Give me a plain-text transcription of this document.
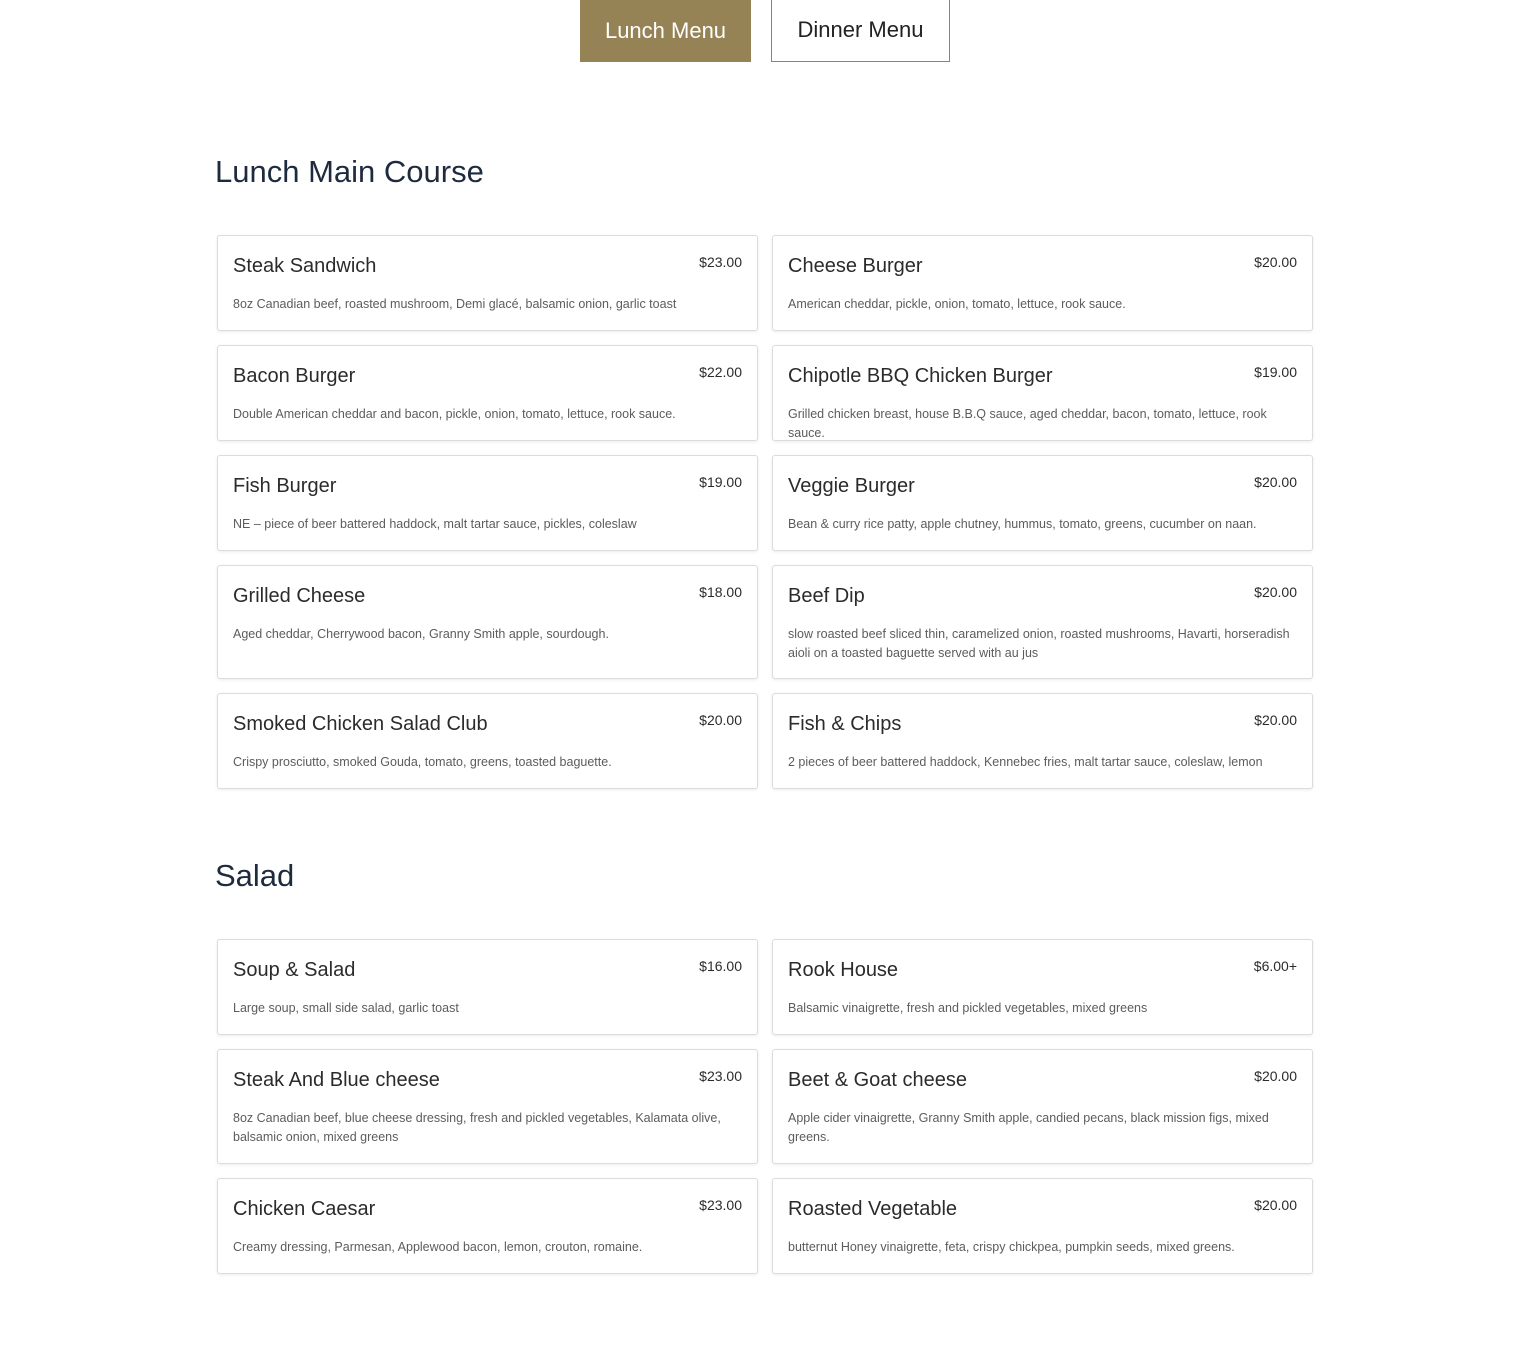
Lunch Menu	Dinner Menu
Lunch Main Course
Steak Sandwich	$23.00
8oz Canadian beef, roasted mushroom, Demi glacé, balsamic onion, garlic toast
Cheese Burger	$20.00
American cheddar, pickle, onion, tomato, lettuce, rook sauce.
Bacon Burger	$22.00
Double American cheddar and bacon, pickle, onion, tomato, lettuce, rook sauce.
Chipotle BBQ Chicken Burger	$19.00
Grilled chicken breast, house B.B.Q sauce, aged cheddar, bacon, tomato, lettuce, rook sauce.
Fish Burger	$19.00
NE – piece of beer battered haddock, malt tartar sauce, pickles, coleslaw
Veggie Burger	$20.00
Bean & curry rice patty, apple chutney, hummus, tomato, greens, cucumber on naan.
Grilled Cheese	$18.00
Aged cheddar, Cherrywood bacon, Granny Smith apple, sourdough.
Beef Dip	$20.00
slow roasted beef sliced thin, caramelized onion, roasted mushrooms, Havarti, horseradish aioli on a toasted baguette served with au jus
Smoked Chicken Salad Club	$20.00
Crispy prosciutto, smoked Gouda, tomato, greens, toasted baguette.
Fish & Chips	$20.00
2 pieces of beer battered haddock, Kennebec fries, malt tartar sauce, coleslaw, lemon
Salad
Soup & Salad	$16.00
Large soup, small side salad, garlic toast
Rook House	$6.00+
Balsamic vinaigrette, fresh and pickled vegetables, mixed greens
Steak And Blue cheese	$23.00
8oz Canadian beef, blue cheese dressing, fresh and pickled vegetables, Kalamata olive, balsamic onion, mixed greens
Beet & Goat cheese	$20.00
Apple cider vinaigrette, Granny Smith apple, candied pecans, black mission figs, mixed greens.
Chicken Caesar	$23.00
Creamy dressing, Parmesan, Applewood bacon, lemon, crouton, romaine.
Roasted Vegetable	$20.00
butternut Honey vinaigrette, feta, crispy chickpea, pumpkin seeds, mixed greens.
